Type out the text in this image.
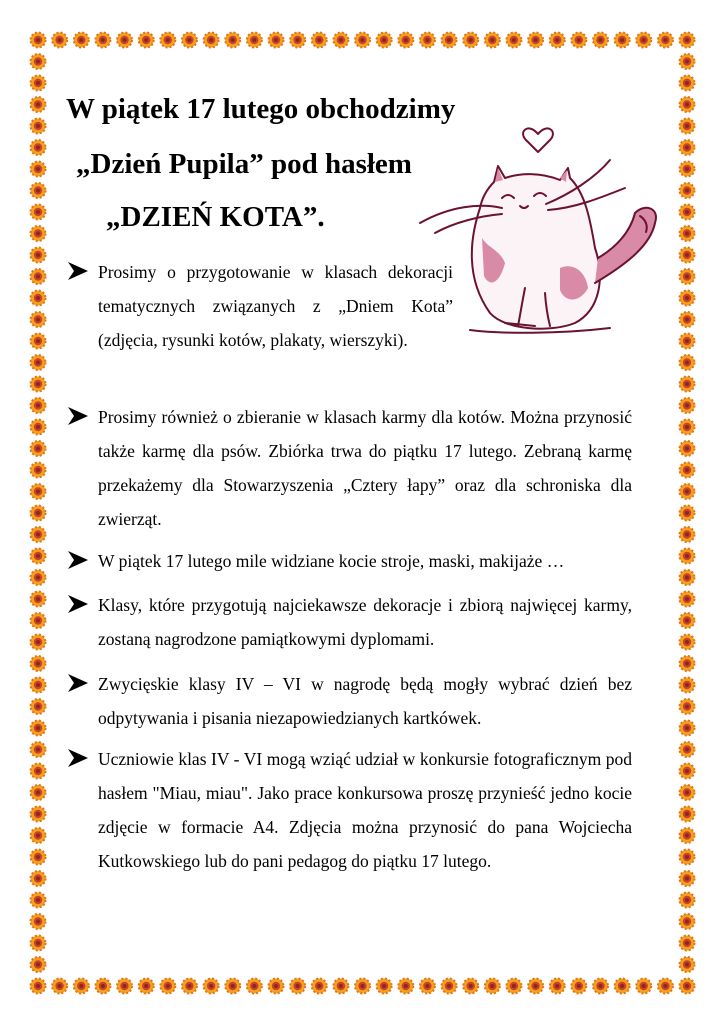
W piątek 17 lutego obchodzimy
„Dzień Pupila” pod hasłem
„DZIEŃ KOTA”.

Prosimy o przygotowanie w klasach dekoracji tematycznych związanych z „Dniem Kota” (zdjęcia, rysunki kotów, plakaty, wierszyki).

Prosimy również o zbieranie w klasach karmy dla kotów. Można przynosić także karmę dla psów. Zbiórka trwa do piątku 17 lutego. Zebraną karmę przekażemy dla Stowarzyszenia „Cztery łapy” oraz dla schroniska dla zwierząt.

W piątek 17 lutego mile widziane kocie stroje, maski, makijaże …

Klasy, które przygotują najciekawsze dekoracje i zbiorą najwięcej karmy, zostaną nagrodzone pamiątkowymi dyplomami.

Zwycięskie klasy IV – VI w nagrodę będą mogły wybrać dzień bez odpytywania i pisania niezapowiedzianych kartkówek.

Uczniowie klas IV - VI mogą wziąć udział w konkursie fotograficznym pod hasłem "Miau, miau". Jako prace konkursowa proszę przynieść jedno kocie zdjęcie w formacie A4. Zdjęcia można przynosić do pana Wojciecha Kutkowskiego lub do pani pedagog do piątku 17 lutego.
